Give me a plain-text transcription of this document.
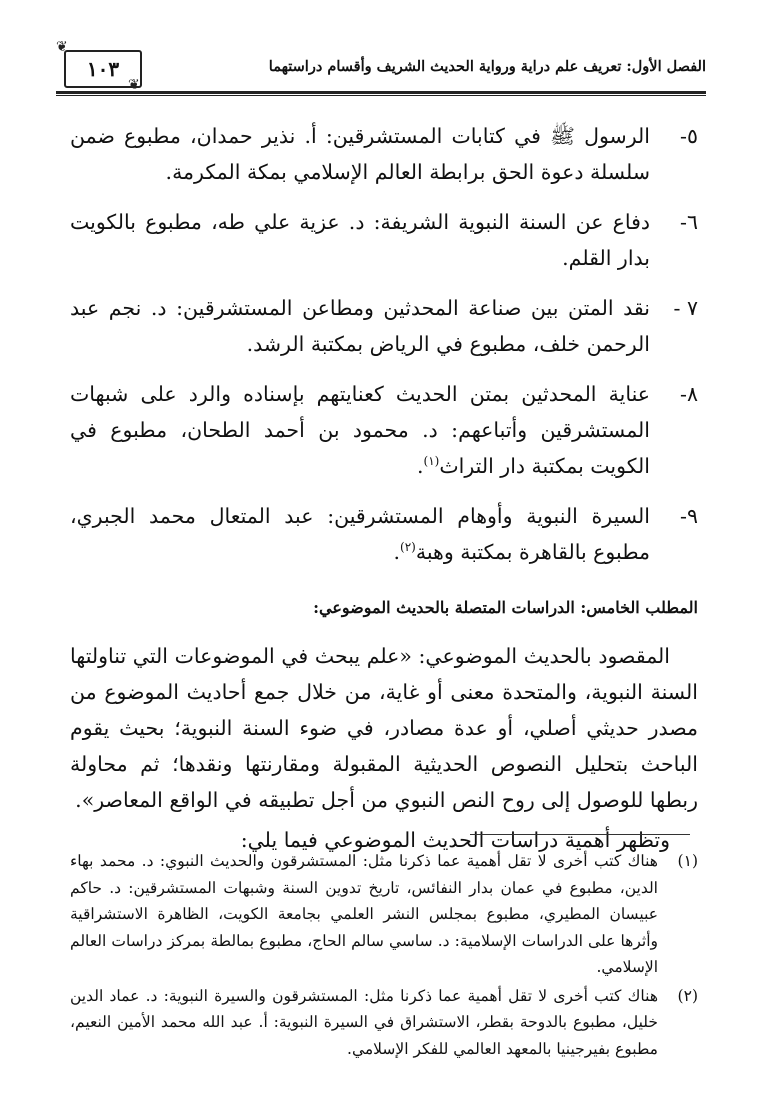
❦
١٠٣
❦
الفصل الأول: تعريف علم دراية ورواية الحديث الشريف وأقسام دراستهما
٥-
الرسول ﷺ في كتابات المستشرقين: أ. نذير حمدان، مطبوع ضمن سلسلة دعوة الحق برابطة العالم الإسلامي بمكة المكرمة.
٦-
دفاع عن السنة النبوية الشريفة: د. عزية علي طه، مطبوع بالكويت بدار القلم.
٧ -
نقد المتن بين صناعة المحدثين ومطاعن المستشرقين: د. نجم عبد الرحمن خلف، مطبوع في الرياض بمكتبة الرشد.
٨-
عناية المحدثين بمتن الحديث كعنايتهم بإسناده والرد على شبهات المستشرقين وأتباعهم: د. محمود بن أحمد الطحان، مطبوع في الكويت بمكتبة دار التراث$^{(١)}$.
٩-
السيرة النبوية وأوهام المستشرقين: عبد المتعال محمد الجبري، مطبوع بالقاهرة بمكتبة وهبة$^{(٢)}$.
المطلب الخامس: الدراسات المتصلة بالحديث الموضوعي:

المقصود بالحديث الموضوعي: «علم يبحث في الموضوعات التي تناولتها السنة النبوية، والمتحدة معنى أو غاية، من خلال جمع أحاديث الموضوع من مصدر حديثي أصلي، أو عدة مصادر، في ضوء السنة النبوية؛ بحيث يقوم الباحث بتحليل النصوص الحديثية المقبولة ومقارنتها ونقدها؛ ثم محاولة ربطها للوصول إلى روح النص النبوي من أجل تطبيقه في الواقع المعاصر».

وتظهر أهمية دراسات الحديث الموضوعي فيما يلي:

(١)
هناك كتب أخرى لا تقل أهمية عما ذكرنا مثل: المستشرقون والحديث النبوي: د. محمد بهاء الدين، مطبوع في عمان بدار النفائس، تاريخ تدوين السنة وشبهات المستشرقين: د. حاكم عبيسان المطيري، مطبوع بمجلس النشر العلمي بجامعة الكويت، الظاهرة الاستشراقية وأثرها على الدراسات الإسلامية: د. ساسي سالم الحاج، مطبوع بمالطة بمركز دراسات العالم الإسلامي.
(٢)
هناك كتب أخرى لا تقل أهمية عما ذكرنا مثل: المستشرقون والسيرة النبوية: د. عماد الدين خليل، مطبوع بالدوحة بقطر، الاستشراق في السيرة النبوية: أ. عبد الله محمد الأمين النعيم، مطبوع بفيرجينيا بالمعهد العالمي للفكر الإسلامي.
